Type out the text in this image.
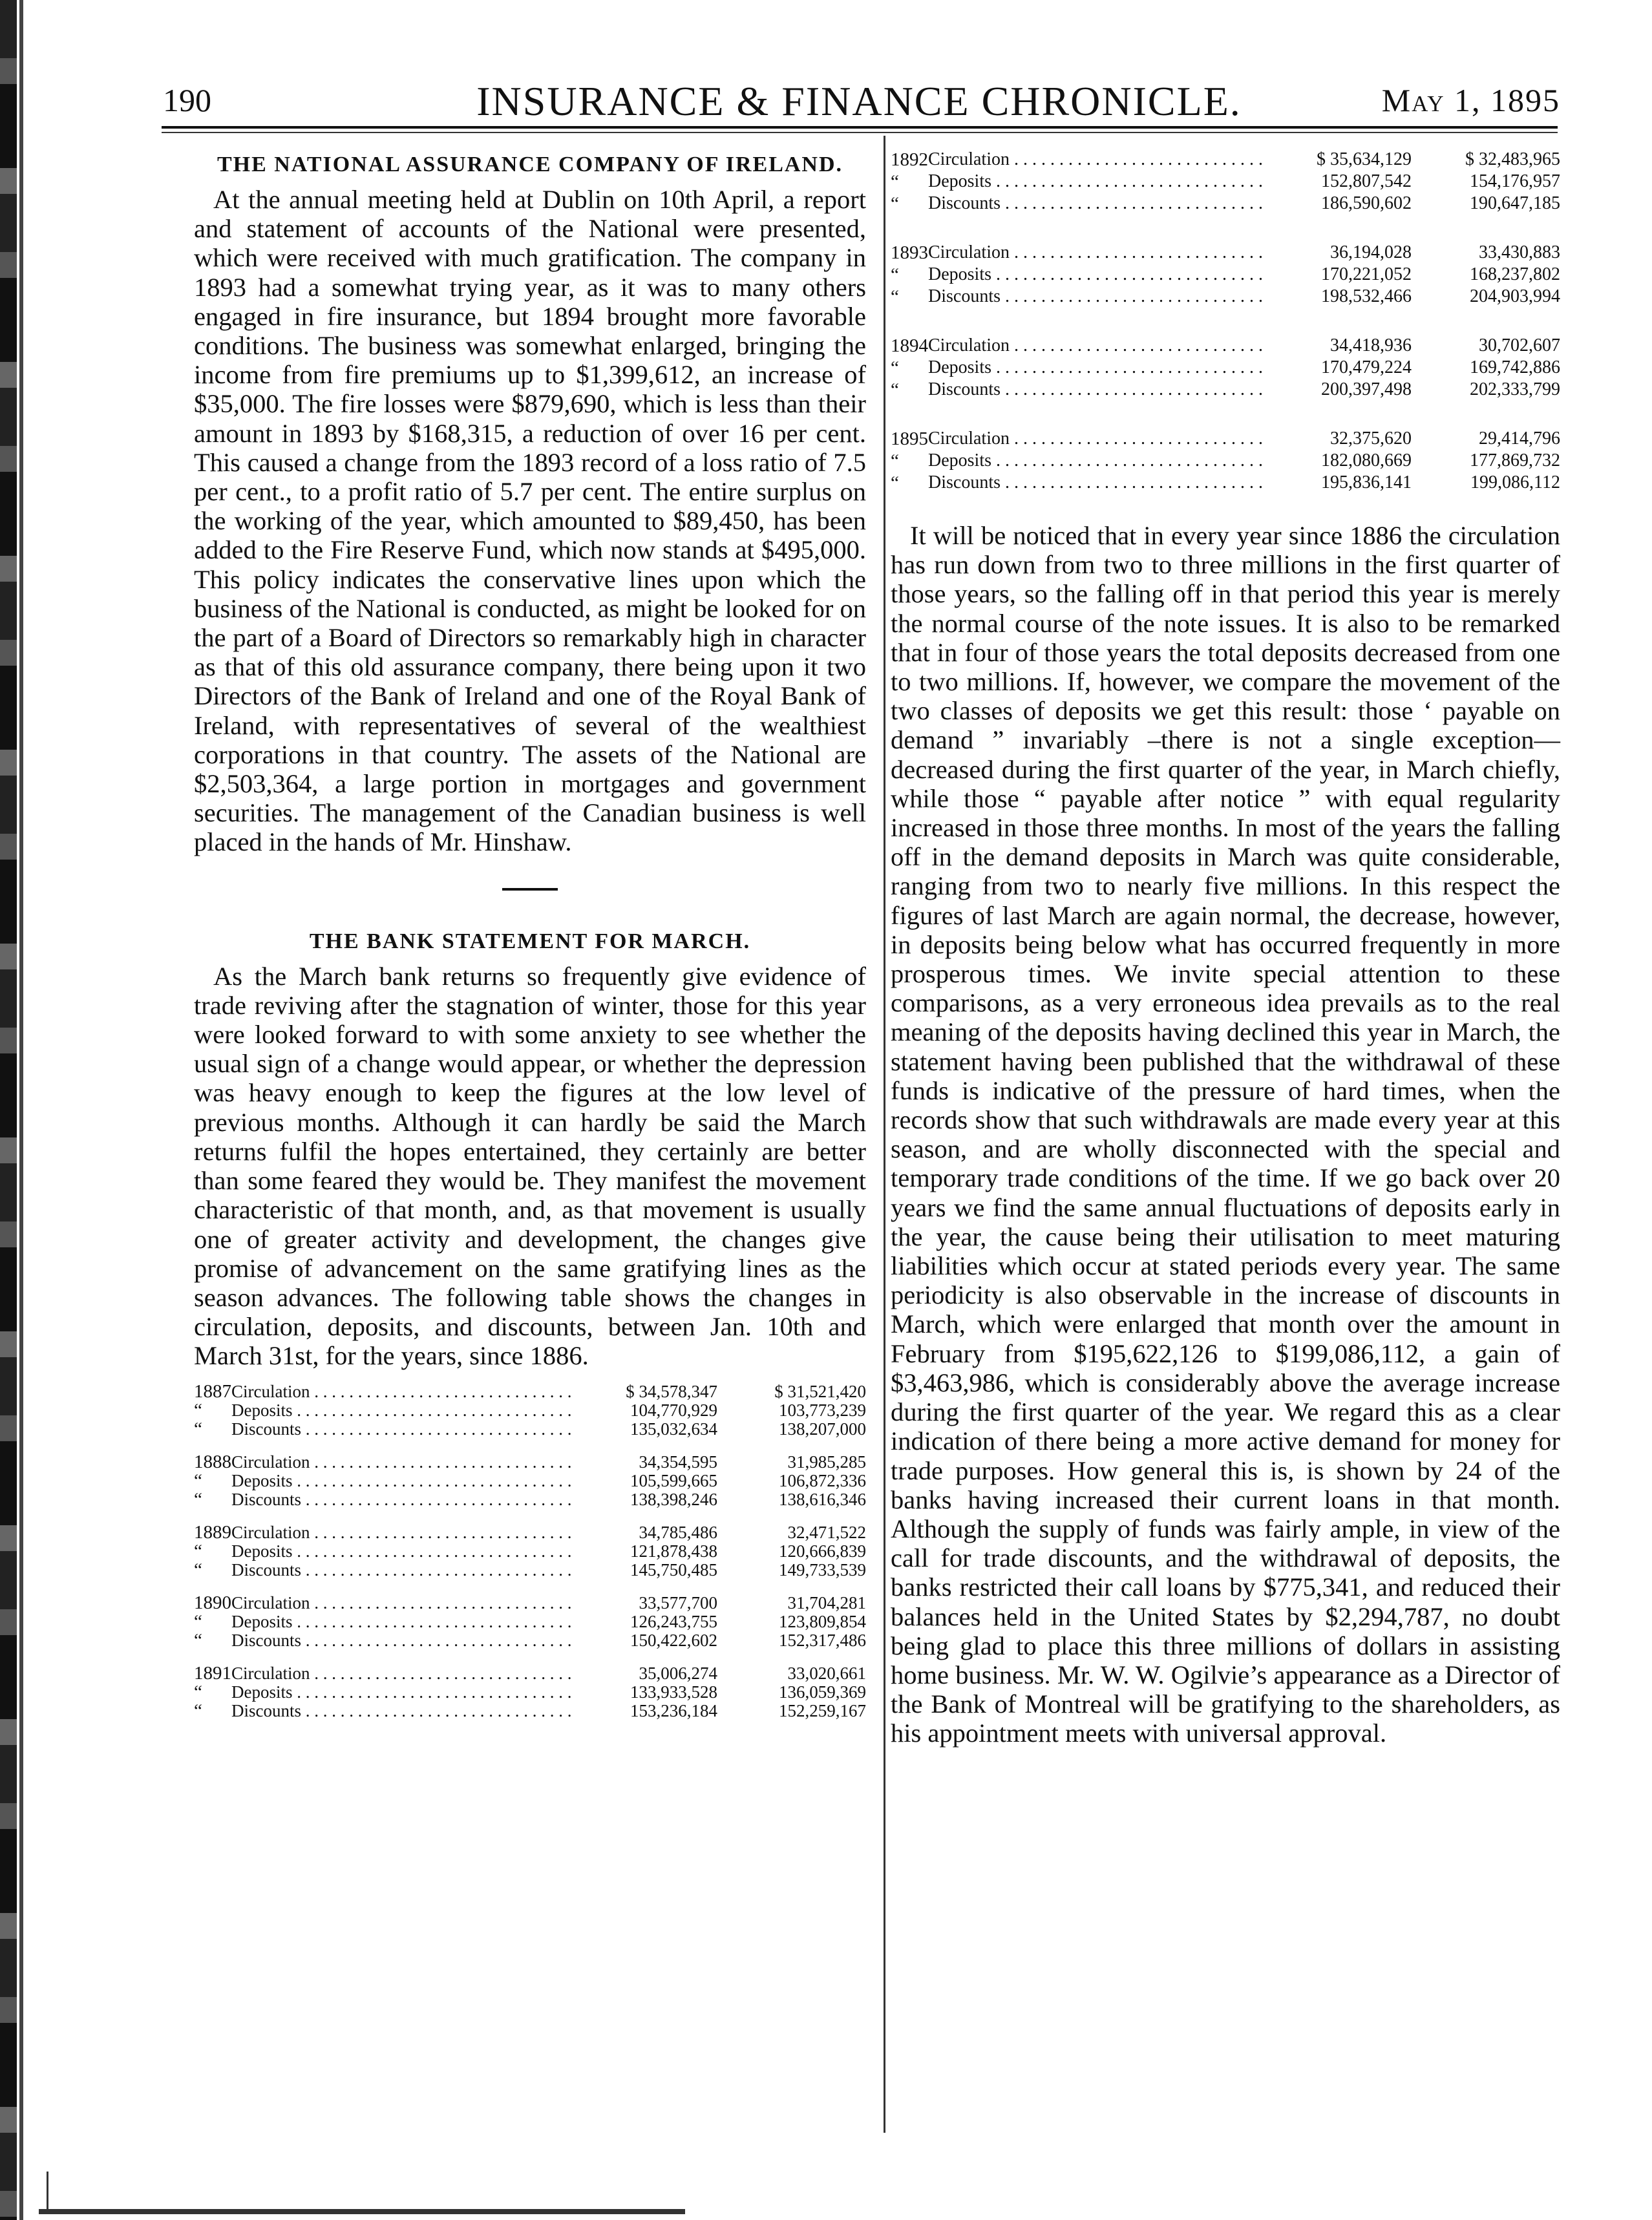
190	INSURANCE & FINANCE CHRONICLE.	May 1, 1895
THE NATIONAL ASSURANCE COMPANY OF IRELAND.

At the annual meeting held at Dublin on 10th April, a report and statement of accounts of the National were presented, which were received with much gratification. The company in 1893 had a somewhat trying year, as it was to many others engaged in fire insurance, but 1894 brought more favorable conditions. The business was somewhat enlarged, bringing the income from fire premiums up to $1,399,612, an increase of $35,000. The fire losses were $879,690, which is less than their amount in 1893 by $168,315, a reduction of over 16 per cent. This caused a change from the 1893 record of a loss ratio of 7.5 per cent., to a profit ratio of 5.7 per cent. The entire surplus on the working of the year, which amounted to $89,450, has been added to the Fire Reserve Fund, which now stands at $495,000. This policy indicates the conservative lines upon which the business of the National is conducted, as might be looked for on the part of a Board of Directors so remarkably high in character as that of this old assurance company, there being upon it two Directors of the Bank of Ireland and one of the Royal Bank of Ireland, with representatives of several of the wealthiest corporations in that country. The assets of the National are $2,503,364, a large portion in mortgages and government securities. The management of the Canadian business is well placed in the hands of Mr. Hinshaw.

THE BANK STATEMENT FOR MARCH.

As the March bank returns so frequently give evidence of trade reviving after the stagnation of winter, those for this year were looked forward to with some anxiety to see whether the usual sign of a change would appear, or whether the depression was heavy enough to keep the figures at the low level of previous months. Although it can hardly be said the March returns fulfil the hopes entertained, they certainly are better than some feared they would be. They manifest the movement characteristic of that month, and, as that movement is usually one of greater activity and development, the changes give promise of advancement on the same gratifying lines as the season advances. The following table shows the changes in circulation, deposits, and discounts, between Jan. 10th and March 31st, for the years, since 1886.

1887 Circulation . . .	$ 34,578,347	$ 31,521,420
“	Deposits . . .	104,770,929	103,773,239
“	Discounts . . .	135,032,634	138,207,000
1888 Circulation . . .	34,354,595	31,985,285
“	Deposits . . .	105,599,665	106,872,336
“	Discounts . . .	138,398,246	138,616,346
1889 Circulation . . .	34,785,486	32,471,522
“	Deposits . . .	121,878,438	120,666,839
“	Discounts . . .	145,750,485	149,733,539
1890 Circulation . . .	33,577,700	31,704,281
“	Deposits . . .	126,243,755	123,809,854
“	Discounts . . .	150,422,602	152,317,486
1891 Circulation . . .	35,006,274	33,020,661
“	Deposits . . .	133,933,528	136,059,369
“	Discounts . . .	153,236,184	152,259,167
1892 Circulation . . .	$ 35,634,129	$ 32,483,965
“	Deposits . . .	152,807,542	154,176,957
“	Discounts . . .	186,590,602	190,647,185
1893 Circulation . . .	36,194,028	33,430,883
“	Deposits . . .	170,221,052	168,237,802
“	Discounts . . .	198,532,466	204,903,994
1894 Circulation . . .	34,418,936	30,702,607
“	Deposits . . .	170,479,224	169,742,886
“	Discounts . . .	200,397,498	202,333,799
1895 Circulation . . .	32,375,620	29,414,796
“	Deposits . . .	182,080,669	177,869,732
“	Discounts . . .	195,836,141	199,086,112

It will be noticed that in every year since 1886 the circulation has run down from two to three millions in the first quarter of those years, so the falling off in that period this year is merely the normal course of the note issues. It is also to be remarked that in four of those years the total deposits decreased from one to two millions. If, however, we compare the movement of the two classes of deposits we get this result: those ‘ payable on demand ” invariably –there is not a single exception—decreased during the first quarter of the year, in March chiefly, while those “ payable after notice ” with equal regularity increased in those three months. In most of the years the falling off in the demand deposits in March was quite considerable, ranging from two to nearly five millions. In this respect the figures of last March are again normal, the decrease, however, in deposits being below what has occurred frequently in more prosperous times. We invite special attention to these comparisons, as a very erroneous idea prevails as to the real meaning of the deposits having declined this year in March, the statement having been published that the withdrawal of these funds is indicative of the pressure of hard times, when the records show that such withdrawals are made every year at this season, and are wholly disconnected with the special and temporary trade conditions of the time. If we go back over 20 years we find the same annual fluctuations of deposits early in the year, the cause being their utilisation to meet maturing liabilities which occur at stated periods every year. The same periodicity is also observable in the increase of discounts in March, which were enlarged that month over the amount in February from $195,622,126 to $199,086,112, a gain of $3,463,986, which is considerably above the average increase during the first quarter of the year. We regard this as a clear indication of there being a more active demand for money for trade purposes. How general this is, is shown by 24 of the banks having increased their current loans in that month. Although the supply of funds was fairly ample, in view of the call for trade discounts, and the withdrawal of deposits, the banks restricted their call loans by $775,341, and reduced their balances held in the United States by $2,294,787, no doubt being glad to place this three millions of dollars in assisting home business. Mr. W. W. Ogilvie’s appearance as a Director of the Bank of Montreal will be gratifying to the shareholders, as his appointment meets with universal approval.
